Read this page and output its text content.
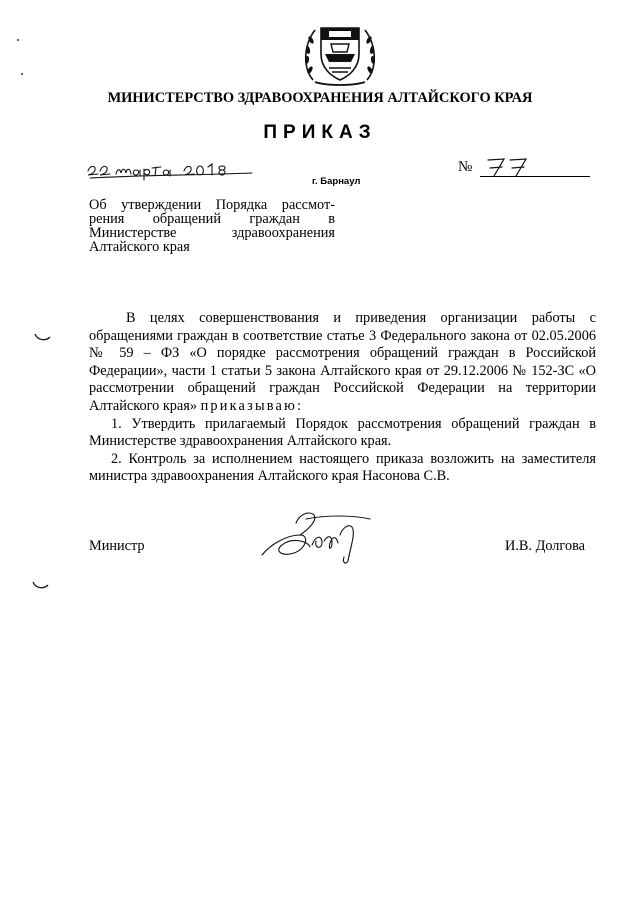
МИНИСТЕРСТВО ЗДРАВООХРАНЕНИЯ АЛТАЙСКОГО КРАЯ
ПРИКАЗ
г. Барнаул
№
Об утверждении Порядка рассмот-
рения обращений граждан в
Министерстве здравоохранения
Алтайского края

В целях совершенствования и приведения организации работы с обращениями граждан в соответствие статье 3 Федерального закона от 02.05.2006 № 59 – ФЗ «О порядке рассмотрения обращений граждан в Российской Федерации», части 1 статьи 5 закона Алтайского края от 29.12.2006 № 152-ЗС «О рассмотрении обращений граждан Российской Федерации на территории Алтайского края» приказываю:

1. Утвердить прилагаемый Порядок рассмотрения обращений граждан в Министерстве здравоохранения Алтайского края.

2. Контроль за исполнением настоящего приказа возложить на заместителя министра здравоохранения Алтайского края Насонова С.В.

Министр	И.В. Долгова
